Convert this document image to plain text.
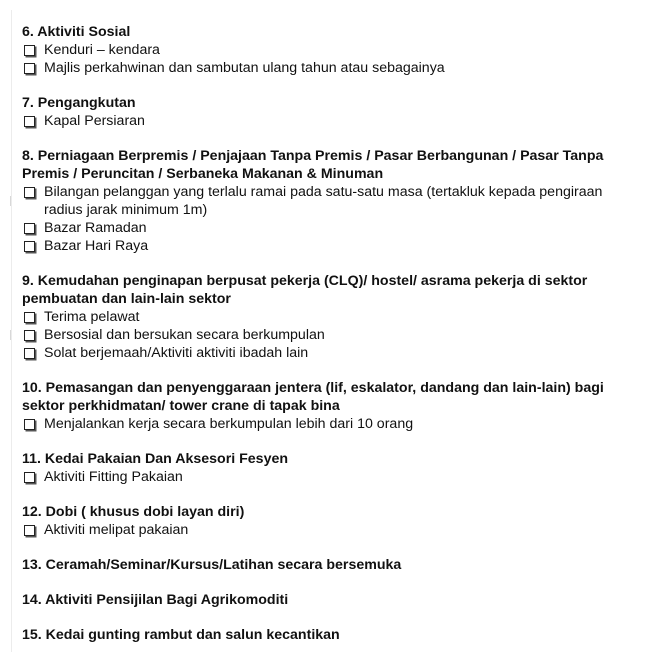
6. Aktiviti Sosial

Kenduri – kendara
Majlis perkahwinan dan sambutan ulang tahun atau sebagainya

7. Pengangkutan

Kapal Persiaran

8. Perniagaan Berpremis / Penjajaan Tanpa Premis / Pasar Berbangunan / Pasar Tanpa Premis / Peruncitan / Serbaneka Makanan & Minuman

Bilangan pelanggan yang terlalu ramai pada satu-satu masa (tertakluk kepada pengiraan radius jarak minimum 1m)
Bazar Ramadan
Bazar Hari Raya

9. Kemudahan penginapan berpusat pekerja (CLQ)/ hostel/ asrama pekerja di sektor pembuatan dan lain-lain sektor

Terima pelawat
Bersosial dan bersukan secara berkumpulan
Solat berjemaah/Aktiviti aktiviti ibadah lain

10. Pemasangan dan penyenggaraan jentera (lif, eskalator, dandang dan lain-lain) bagi sektor perkhidmatan/ tower crane di tapak bina

Menjalankan kerja secara berkumpulan lebih dari 10 orang

11. Kedai Pakaian Dan Aksesori Fesyen

Aktiviti Fitting Pakaian

12. Dobi ( khusus dobi layan diri)

Aktiviti melipat pakaian

13. Ceramah/Seminar/Kursus/Latihan secara bersemuka

14. Aktiviti Pensijilan Bagi Agrikomoditi

15. Kedai gunting rambut dan salun kecantikan
